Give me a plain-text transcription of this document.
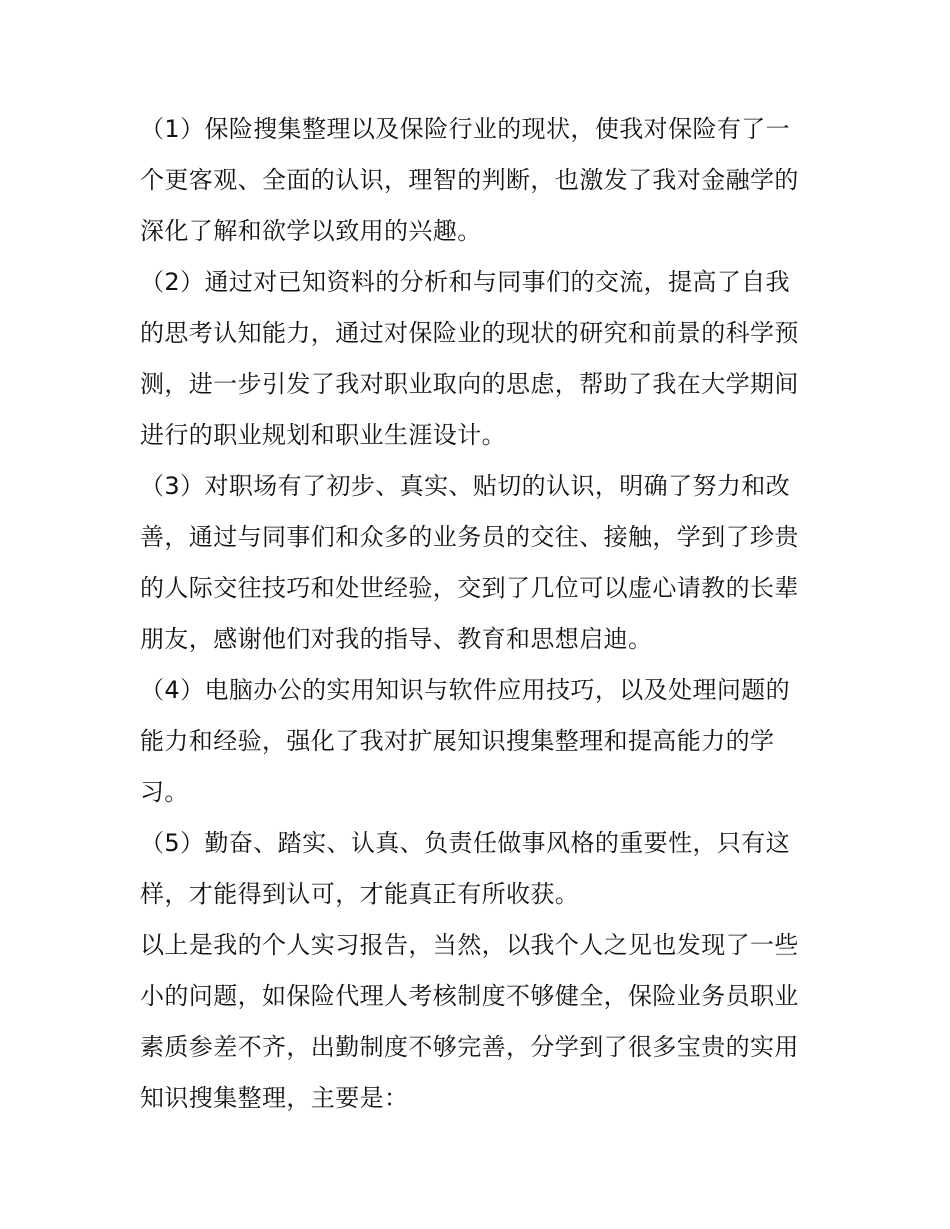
（1）保险搜集整理以及保险行业的现状，使我对保险有了一
个更客观、全面的认识，理智的判断，也激发了我对金融学的
深化了解和欲学以致用的兴趣。

（2）通过对已知资料的分析和与同事们的交流，提高了自我
的思考认知能力，通过对保险业的现状的研究和前景的科学预
测，进一步引发了我对职业取向的思虑，帮助了我在大学期间
进行的职业规划和职业生涯设计。

（3）对职场有了初步、真实、贴切的认识，明确了努力和改
善，通过与同事们和众多的业务员的交往、接触，学到了珍贵
的人际交往技巧和处世经验，交到了几位可以虚心请教的长辈
朋友，感谢他们对我的指导、教育和思想启迪。

（4）电脑办公的实用知识与软件应用技巧，以及处理问题的
能力和经验，强化了我对扩展知识搜集整理和提高能力的学
习。

（5）勤奋、踏实、认真、负责任做事风格的重要性，只有这
样，才能得到认可，才能真正有所收获。

以上是我的个人实习报告，当然，以我个人之见也发现了一些
小的问题，如保险代理人考核制度不够健全，保险业务员职业
素质参差不齐，出勤制度不够完善，分学到了很多宝贵的实用
知识搜集整理，主要是：
